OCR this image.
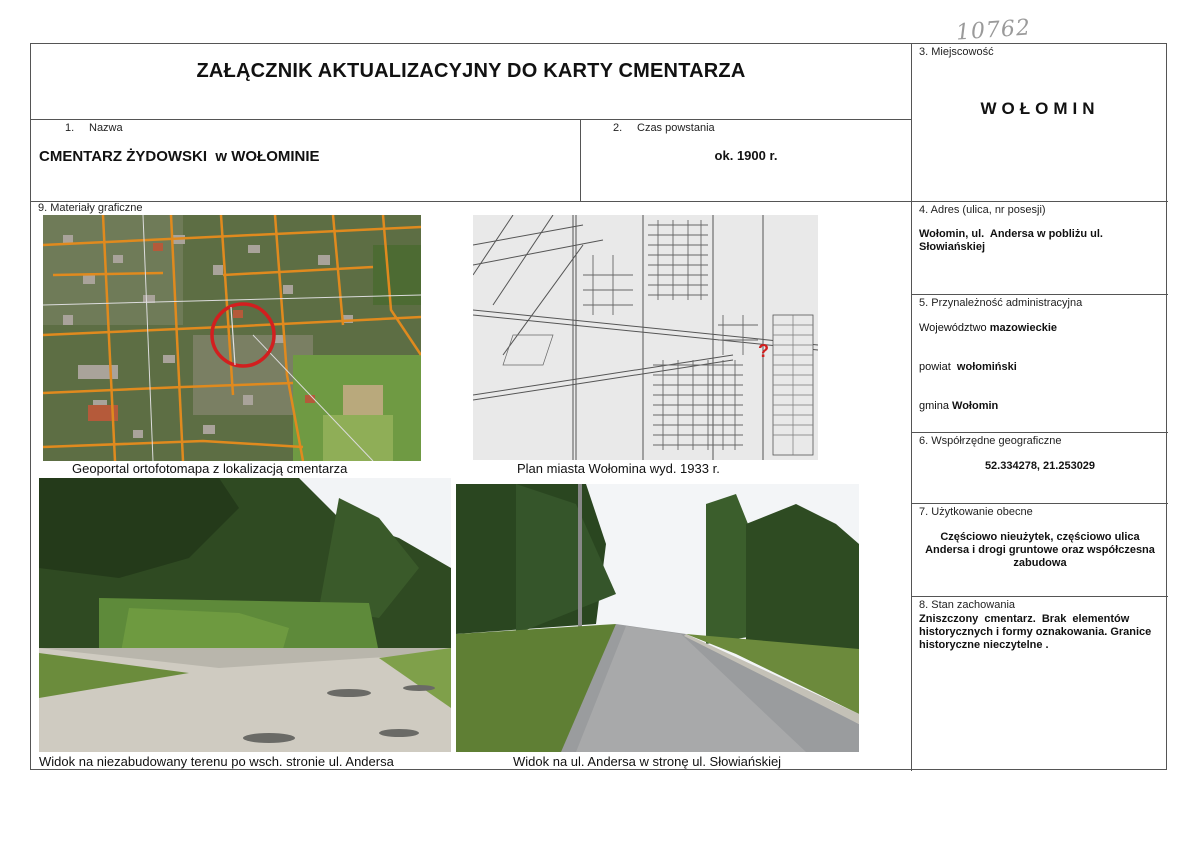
10762
ZAŁĄCZNIK AKTUALIZACYJNY DO KARTY CMENTARZA
3. Miejscowość
WOŁOMIN
1. Nazwa
CMENTARZ ŻYDOWSKI  w WOŁOMINIE
2. Czas powstania
ok. 1900 r.
9. Materiały graficzne
Geoportal ortofotomapa z lokalizacją cmentarza
?
Plan miasta Wołomina wyd. 1933 r.
Widok na niezabudowany terenu po wsch. stronie ul. Andersa	Widok na ul. Andersa w stronę ul. Słowiańskiej
4. Adres (ulica, nr posesji)
Wołomin, ul.  Andersa w pobliżu ul.
Słowiańskiej
5. Przynależność administracyjna
Województwo mazowieckie
powiat wołomiński
gmina Wołomin
6. Współrzędne geograficzne
52.334278, 21.253029
7. Użytkowanie obecne
Częściowo nieużytek, częściowo ulica
Andersa i drogi gruntowe oraz współczesna
zabudowa
8. Stan zachowania
Zniszczony  cmentarz.  Brak  elementów
historycznych i formy oznakowania. Granice
historyczne nieczytelne .
